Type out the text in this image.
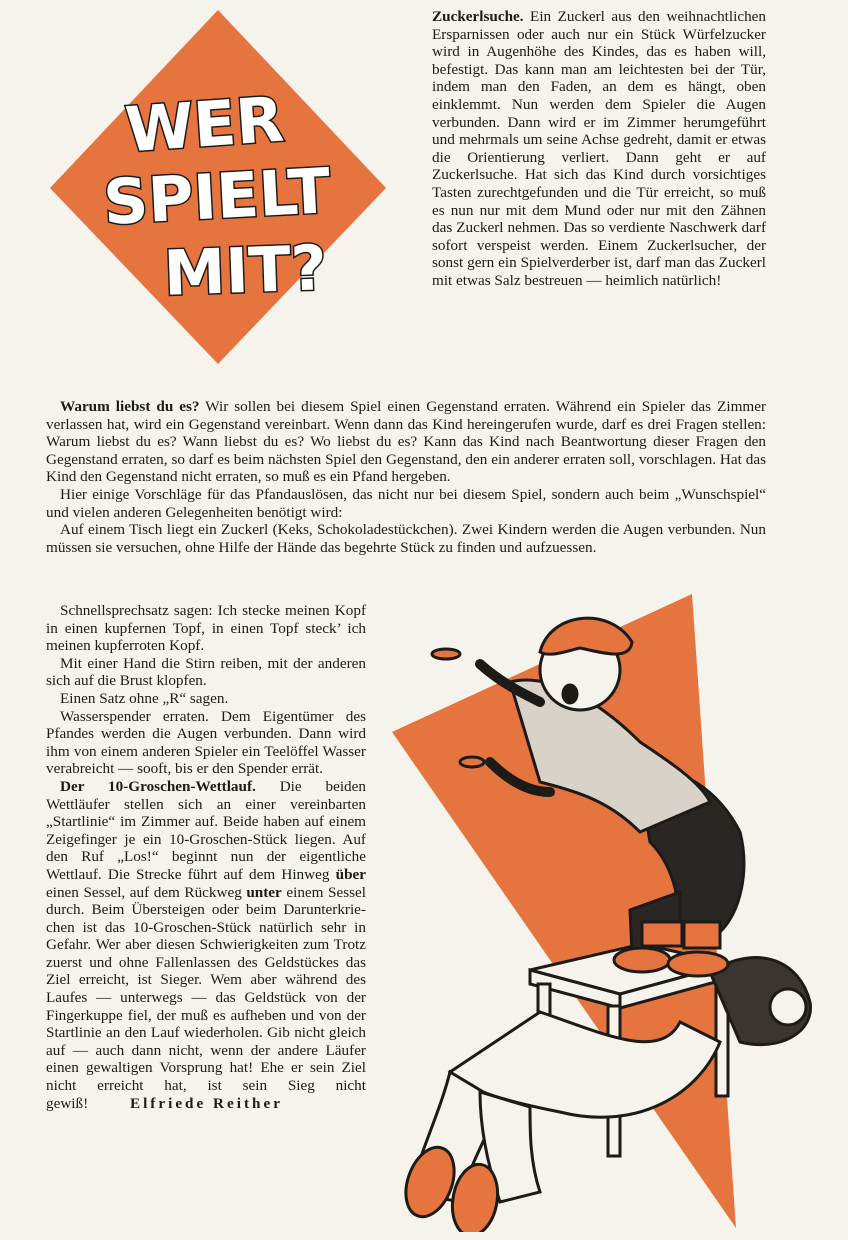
WER
SPIELT
MIT?

Zuckerlsuche. Ein Zuckerl aus den weihnachtlichen Ersparnissen oder auch nur ein Stück Würfelzucker wird in Augenhöhe des Kindes, das es haben will, befestigt. Das kann man am leichtesten bei der Tür, indem man den Faden, an dem es hängt, oben einklemmt. Nun werden dem Spieler die Augen verbunden. Dann wird er im Zimmer herumgeführt und mehrmals um seine Achse gedreht, damit er etwas die Orientierung verliert. Dann geht er auf Zuckerlsuche. Hat sich das Kind durch vorsichtiges Tasten zurechtgefunden und die Tür erreicht, so muß es nun nur mit dem Mund oder nur mit den Zähnen das Zuckerl nehmen. Das so verdiente Naschwerk darf sofort verspeist werden. Einem Zuckerlsucher, der sonst gern ein Spielverderber ist, darf man das Zuckerl mit etwas Salz bestreuen — heimlich natürlich!

Warum liebst du es? Wir sollen bei diesem Spiel einen Gegenstand erraten. Während ein Spieler das Zimmer verlassen hat, wird ein Gegenstand vereinbart. Wenn dann das Kind hereingerufen wurde, darf es drei Fragen stellen: Warum liebst du es? Wann liebst du es? Wo liebst du es? Kann das Kind nach Beantwortung dieser Fragen den Gegenstand erraten, so darf es beim nächsten Spiel den Gegenstand, den ein anderer erraten soll, vorschlagen. Hat das Kind den Gegenstand nicht erraten, so muß es ein Pfand hergeben.

Hier einige Vorschläge für das Pfandauslösen, das nicht nur bei diesem Spiel, sondern auch beim „Wunschspiel“ und vielen anderen Gelegenheiten benötigt wird:

Auf einem Tisch liegt ein Zuckerl (Keks, Schokoladestückchen). Zwei Kindern werden die Augen verbunden. Nun müssen sie versuchen, ohne Hilfe der Hände das begehrte Stück zu finden und aufzuessen.

Schnellsprechsatz sagen: Ich stecke meinen Kopf in einen kupfernen Topf, in einen Topf steck’ ich meinen kupferroten Kopf.

Mit einer Hand die Stirn reiben, mit der anderen sich auf die Brust klopfen.

Einen Satz ohne „R“ sagen.

Wasserspender erraten. Dem Eigentümer des Pfandes werden die Augen verbunden. Dann wird ihm von einem anderen Spieler ein Teelöffel Wasser verabreicht — sooft, bis er den Spender errät.

Der 10-Groschen-Wettlauf. Die beiden Wettläufer stellen sich an einer vereinbarten „Startlinie“ im Zimmer auf. Beide haben auf einem Zeigefinger je ein 10-Groschen-Stück liegen. Auf den Ruf „Los!“ beginnt nun der eigentliche Wettlauf. Die Strecke führt auf dem Hinweg über einen Sessel, auf dem Rückweg unter einem Sessel durch. Beim Übersteigen oder beim Darunterkriechen ist das 10-Groschen-Stück natürlich sehr in Gefahr. Wer aber diesen Schwierigkeiten zum Trotz zuerst und ohne Fallenlassen des Geldstückes das Ziel erreicht, ist Sieger. Wem aber während des Laufes — unterwegs — das Geldstück von der Fingerkuppe fiel, der muß es aufheben und von der Startlinie an den Lauf wiederholen. Gib nicht gleich auf — auch dann nicht, wenn der andere Läufer einen gewaltigen Vorsprung hat! Ehe er sein Ziel nicht erreicht hat, ist sein Sieg nicht gewiß!	Elfriede Reither
